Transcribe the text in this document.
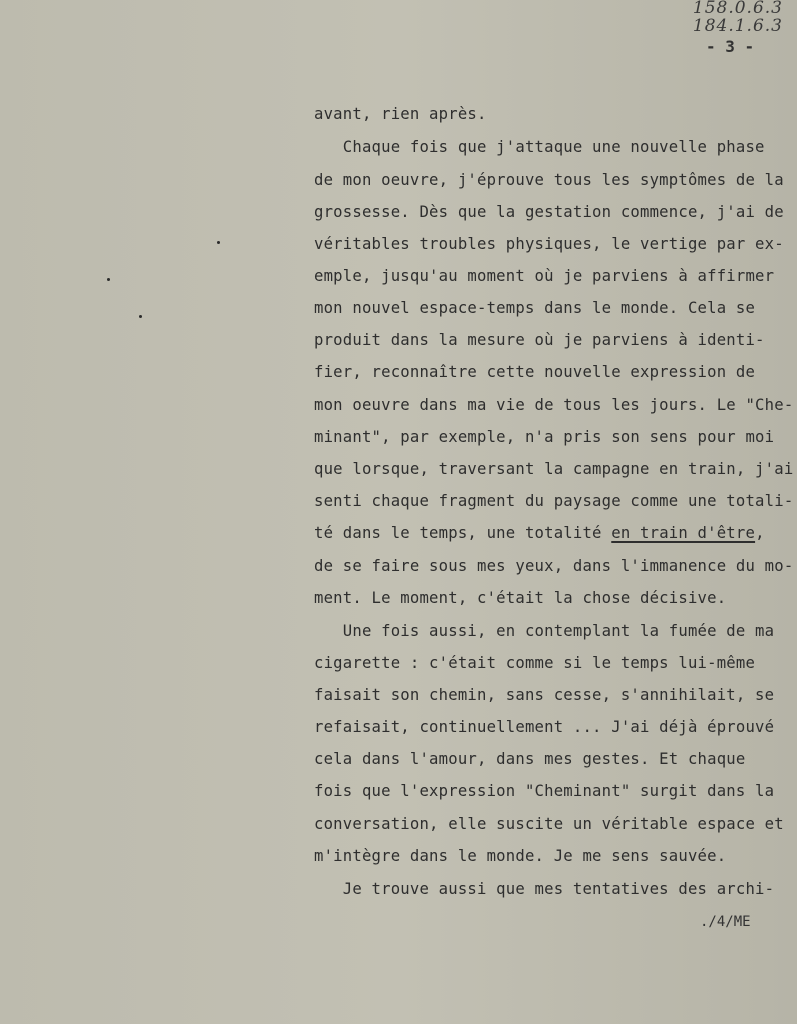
158.0.6.3
184.1.6.3
- 3 -
avant, rien après.
Chaque fois que j'attaque une nouvelle phase
de mon oeuvre, j'éprouve tous les symptômes de la
grossesse. Dès que la gestation commence, j'ai de
véritables troubles physiques, le vertige par ex-
emple, jusqu'au moment où je parviens à affirmer
mon nouvel espace-temps dans le monde. Cela se
produit dans la mesure où je parviens à identi-
fier, reconnaître cette nouvelle expression de
mon oeuvre dans ma vie de tous les jours. Le "Che-
minant", par exemple, n'a pris son sens pour moi
que lorsque, traversant la campagne en train, j'ai
senti chaque fragment du paysage comme une totali-
té dans le temps, une totalité en train d'être,
de se faire sous mes yeux, dans l'immanence du mo-
ment. Le moment, c'était la chose décisive.
Une fois aussi, en contemplant la fumée de ma
cigarette : c'était comme si le temps lui-même
faisait son chemin, sans cesse, s'annihilait, se
refaisait, continuellement ... J'ai déjà éprouvé
cela dans l'amour, dans mes gestes. Et chaque
fois que l'expression "Cheminant" surgit dans la
conversation, elle suscite un véritable espace et
m'intègre dans le monde. Je me sens sauvée.
Je trouve aussi que mes tentatives des archi-
./4/ME
